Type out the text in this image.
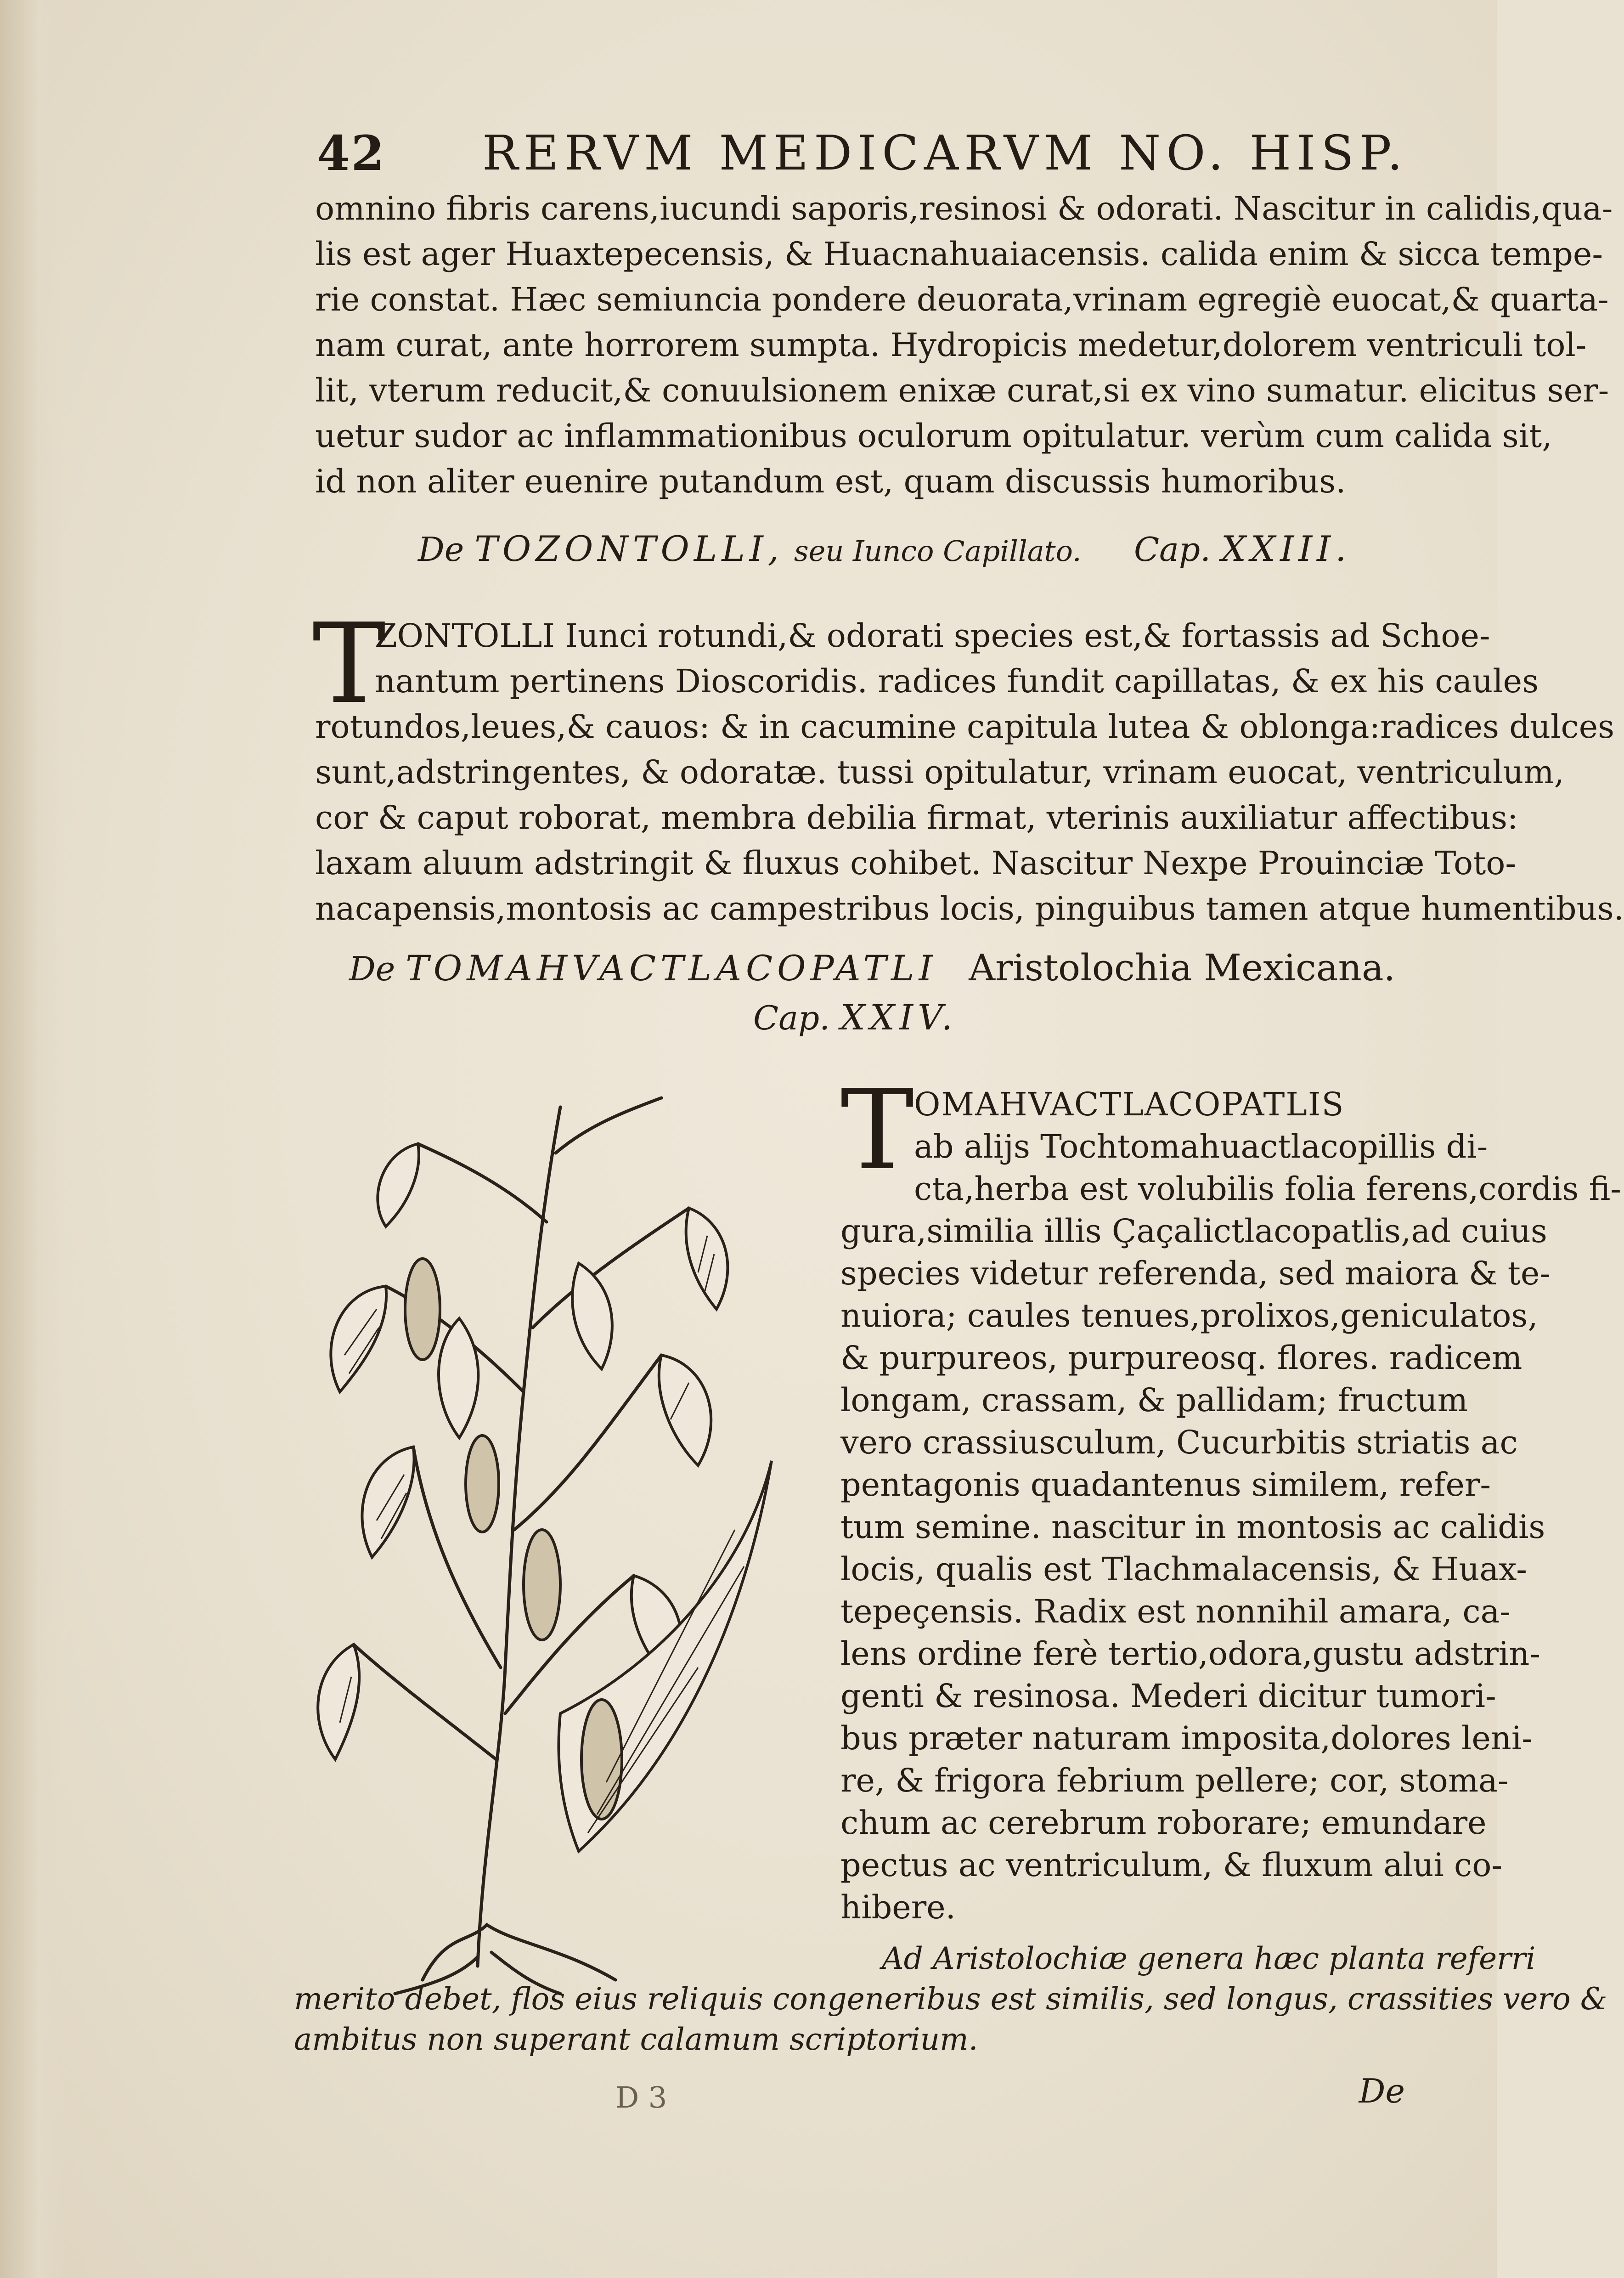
42 RERVM MEDICARVM NO. HISP.
omnino fibris carens,iucundi saporis,resinosi & odorati. Nascitur in calidis,qua-
lis est ager Huaxtepecensis, & Huacnahuaiacensis. calida enim & sicca tempe-
rie constat. Hæc semiuncia pondere deuorata,vrinam egregiè euocat,& quarta-
nam curat, ante horrorem sumpta. Hydropicis medetur,dolorem ventriculi tol-
lit, vterum reducit,& conuulsionem enixæ curat,si ex vino sumatur. elicitus ser-
uetur sudor ac inflammationibus oculorum opitulatur. verùm cum calida sit,
id non aliter euenire putandum est, quam discussis humoribus.
De TOZONTOLLI, seu Iunco Capillato. Cap. XXIII.
T
ZONTOLLI Iunci rotundi,& odorati species est,& fortassis ad Schoe-
nantum pertinens Dioscoridis. radices fundit capillatas, & ex his caules
rotundos,leues,& cauos: & in cacumine capitula lutea & oblonga:radices dulces
sunt,adstringentes, & odoratæ. tussi opitulatur, vrinam euocat, ventriculum,
cor & caput roborat, membra debilia firmat, vterinis auxiliatur affectibus:
laxam aluum adstringit & fluxus cohibet. Nascitur Nexpe Prouinciæ Toto-
nacapensis,montosis ac campestribus locis, pinguibus tamen atque humentibus.
De TOMAHVACTLACOPATLI Aristolochia Mexicana.
Cap. XXIV.
T OMAHVACTLACOPATLIS
ab alijs Tochtomahuactlacopillis di-
cta,herba est volubilis folia ferens,cordis fi-
gura,similia illis Çaçalictlacopatlis,ad cuius
species videtur referenda, sed maiora & te-
nuiora; caules tenues,prolixos,geniculatos,
& purpureos, purpureosq. flores. radicem
longam, crassam, & pallidam; fructum
vero crassiusculum, Cucurbitis striatis ac
pentagonis quadantenus similem, refer-
tum semine. nascitur in montosis ac calidis
locis, qualis est Tlachmalacensis, & Huax-
tepeçensis. Radix est nonnihil amara, ca-
lens ordine ferè tertio,odora,gustu adstrin-
genti & resinosa. Mederi dicitur tumori-
bus præter naturam imposita,dolores leni-
re, & frigora febrium pellere; cor, stoma-
chum ac cerebrum roborare; emundare
pectus ac ventriculum, & fluxum alui co-
hibere.
Ad Aristolochiæ genera hæc planta referri
merito debet, flos eius reliquis congeneribus est similis, sed longus, crassities vero &
ambitus non superant calamum scriptorium.
D 3	De
